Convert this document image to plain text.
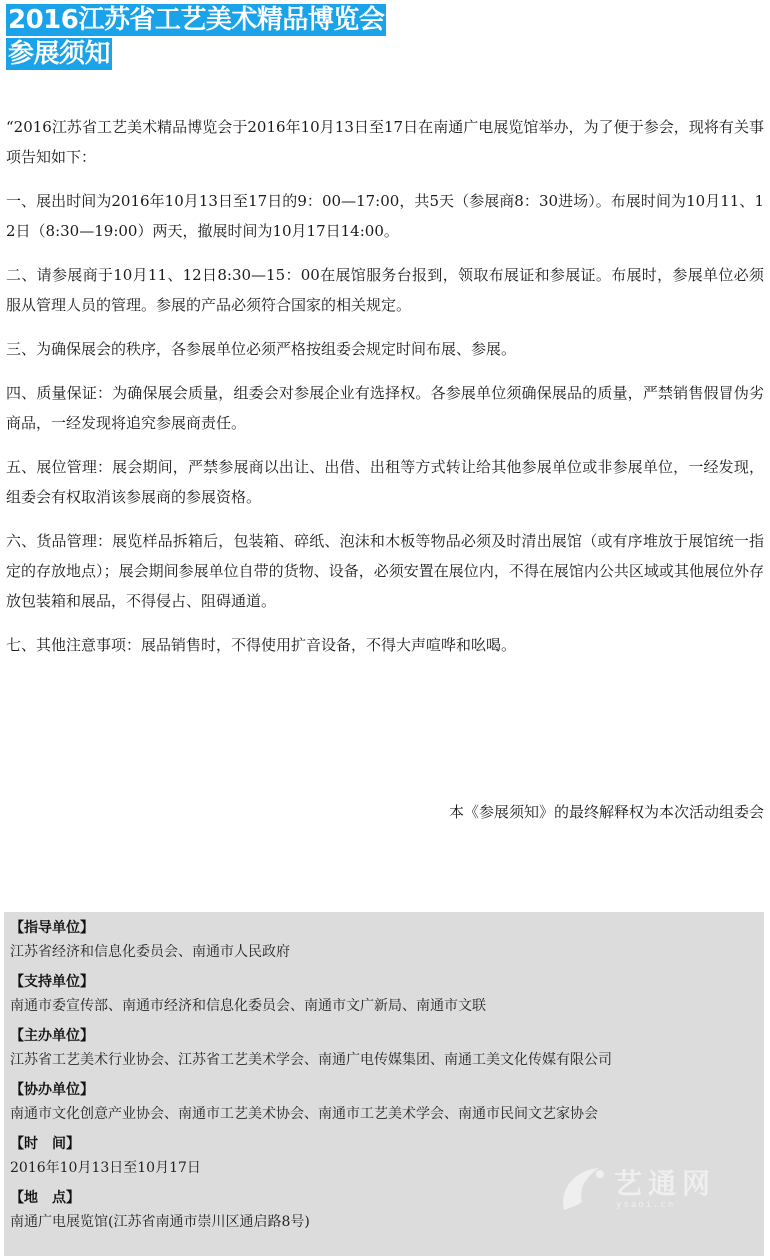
2016江苏省工艺美术精品博览会
参展须知

“2016江苏省工艺美术精品博览会于2016年10月13日至17日在南通广电展览馆举办，为了便于参会，现将有关事项告知如下：

一、展出时间为2016年10月13日至17日的9：00—17:00，共5天（参展商8：30进场）。布展时间为10月11、12日（8:30—19:00）两天，撤展时间为10月17日14:00。

二、请参展商于10月11、12日8:30—15：00在展馆服务台报到，领取布展证和参展证。布展时，参展单位必须服从管理人员的管理。参展的产品必须符合国家的相关规定。

三、为确保展会的秩序，各参展单位必须严格按组委会规定时间布展、参展。

四、质量保证：为确保展会质量，组委会对参展企业有选择权。各参展单位须确保展品的质量，严禁销售假冒伪劣商品，一经发现将追究参展商责任。

五、展位管理：展会期间，严禁参展商以出让、出借、出租等方式转让给其他参展单位或非参展单位，一经发现，组委会有权取消该参展商的参展资格。

六、货品管理：展览样品拆箱后，包装箱、碎纸、泡沫和木板等物品必须及时清出展馆（或有序堆放于展馆统一指定的存放地点）；展会期间参展单位自带的货物、设备，必须安置在展位内，不得在展馆内公共区域或其他展位外存放包装箱和展品，不得侵占、阻碍通道。

七、其他注意事项：展品销售时，不得使用扩音设备，不得大声喧哗和吆喝。

本《参展须知》的最终解释权为本次活动组委会
【指导单位】
江苏省经济和信息化委员会、南通市人民政府
【支持单位】
南通市委宣传部、南通市经济和信息化委员会、南通市文广新局、南通市文联
【主办单位】
江苏省工艺美术行业协会、江苏省工艺美术学会、南通广电传媒集团、南通工美文化传媒有限公司
【协办单位】
南通市文化创意产业协会、南通市工艺美术协会、南通市工艺美术学会、南通市民间文艺家协会
【时　间】
2016年10月13日至10月17日
【地　点】
南通广电展览馆(江苏省南通市崇川区通启路8号)
艺通网
ysaoi.cn
